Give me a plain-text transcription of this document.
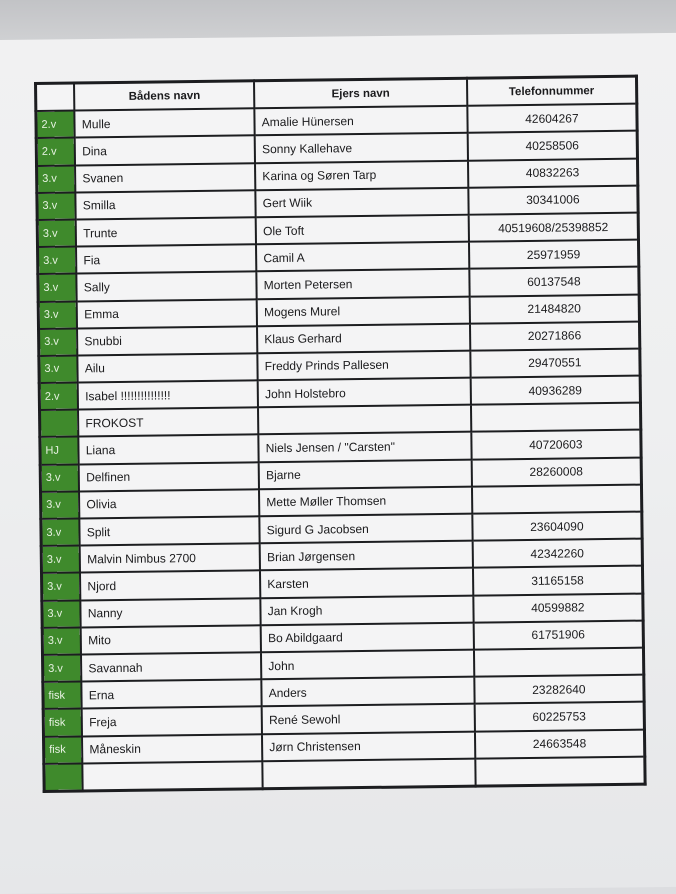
	Bådens navn	Ejers navn	Telefonnummer
2.v	Mulle	Amalie Hünersen	42604267
2.v	Dina	Sonny Kallehave	40258506
3.v	Svanen	Karina og Søren Tarp	40832263
3.v	Smilla	Gert Wiik	30341006
3.v	Trunte	Ole Toft	40519608/25398852
3.v	Fia	Camil A	25971959
3.v	Sally	Morten Petersen	60137548
3.v	Emma	Mogens Murel	21484820
3.v	Snubbi	Klaus Gerhard	20271866
3.v	Ailu	Freddy Prinds Pallesen	29470551
2.v	Isabel !!!!!!!!!!!!!!!	John Holstebro	40936289
	FROKOST		
HJ	Liana	Niels Jensen / "Carsten"	40720603
3.v	Delfinen	Bjarne	28260008
3.v	Olivia	Mette Møller Thomsen	
3.v	Split	Sigurd G Jacobsen	23604090
3.v	Malvin Nimbus 2700	Brian Jørgensen	42342260
3.v	Njord	Karsten	31165158
3.v	Nanny	Jan Krogh	40599882
3.v	Mito	Bo Abildgaard	61751906
3.v	Savannah	John	
fisk	Erna	Anders	23282640
fisk	Freja	René Sewohl	60225753
fisk	Måneskin	Jørn Christensen	24663548
